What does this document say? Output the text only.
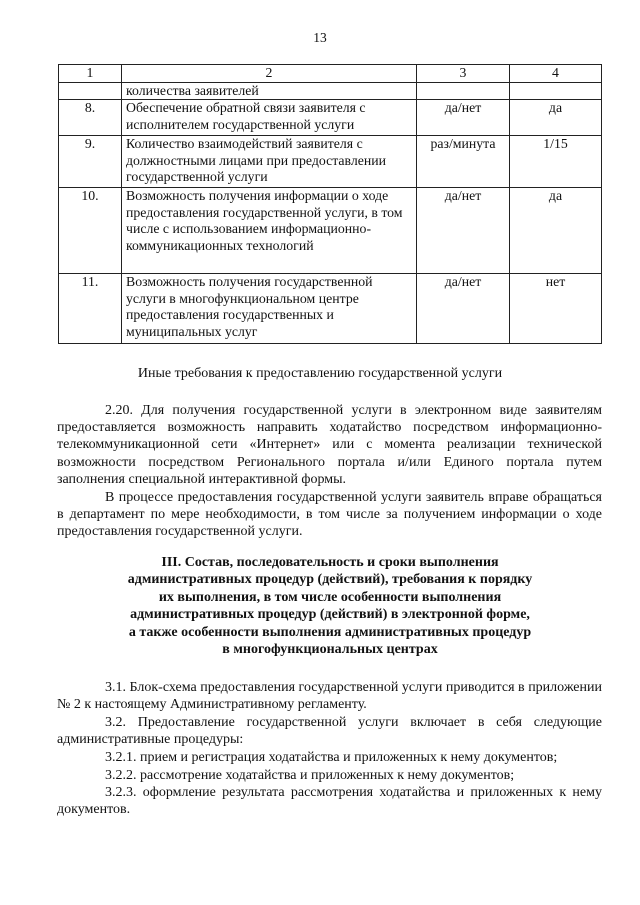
13
1	2	3	4
	количества заявителей		
8.	Обеспечение обратной связи заявителя с исполнителем государственной услуги	да/нет	да
9.	Количество взаимодействий заявителя с должностными лицами при предоставлении государственной услуги	раз/минута	1/15
10.	Возможность получения информации о ходе предоставления государственной услуги, в том числе с использованием информационно-коммуникационных технологий	да/нет	да
11.	Возможность получения государственной услуги в многофункциональном центре предоставления государственных и муниципальных услуг	да/нет	нет
Иные требования к предоставлению государственной услуги

2.20. Для получения государственной услуги в электронном виде заявителям предоставляется возможность направить ходатайство посредством информационно-телекоммуникационной сети «Интернет» или с момента реализации технической возможности посредством Регионального портала и/или Единого портала путем заполнения специальной интерактивной формы.

В процессе предоставления государственной услуги заявитель вправе обращаться в департамент по мере необходимости, в том числе за получением информации о ходе предоставления государственной услуги.

III. Состав, последовательность и сроки выполнения
административных процедур (действий), требования к порядку
их выполнения, в том числе особенности выполнения
административных процедур (действий) в электронной форме,
а также особенности выполнения административных процедур
в многофункциональных центрах

3.1. Блок-схема предоставления государственной услуги приводится в приложении № 2 к настоящему Административному регламенту.

3.2. Предоставление государственной услуги включает в себя следующие административные процедуры:

3.2.1. прием и регистрация ходатайства и приложенных к нему документов;

3.2.2. рассмотрение ходатайства и приложенных к нему документов;

3.2.3. оформление результата рассмотрения ходатайства и приложенных к нему документов.
